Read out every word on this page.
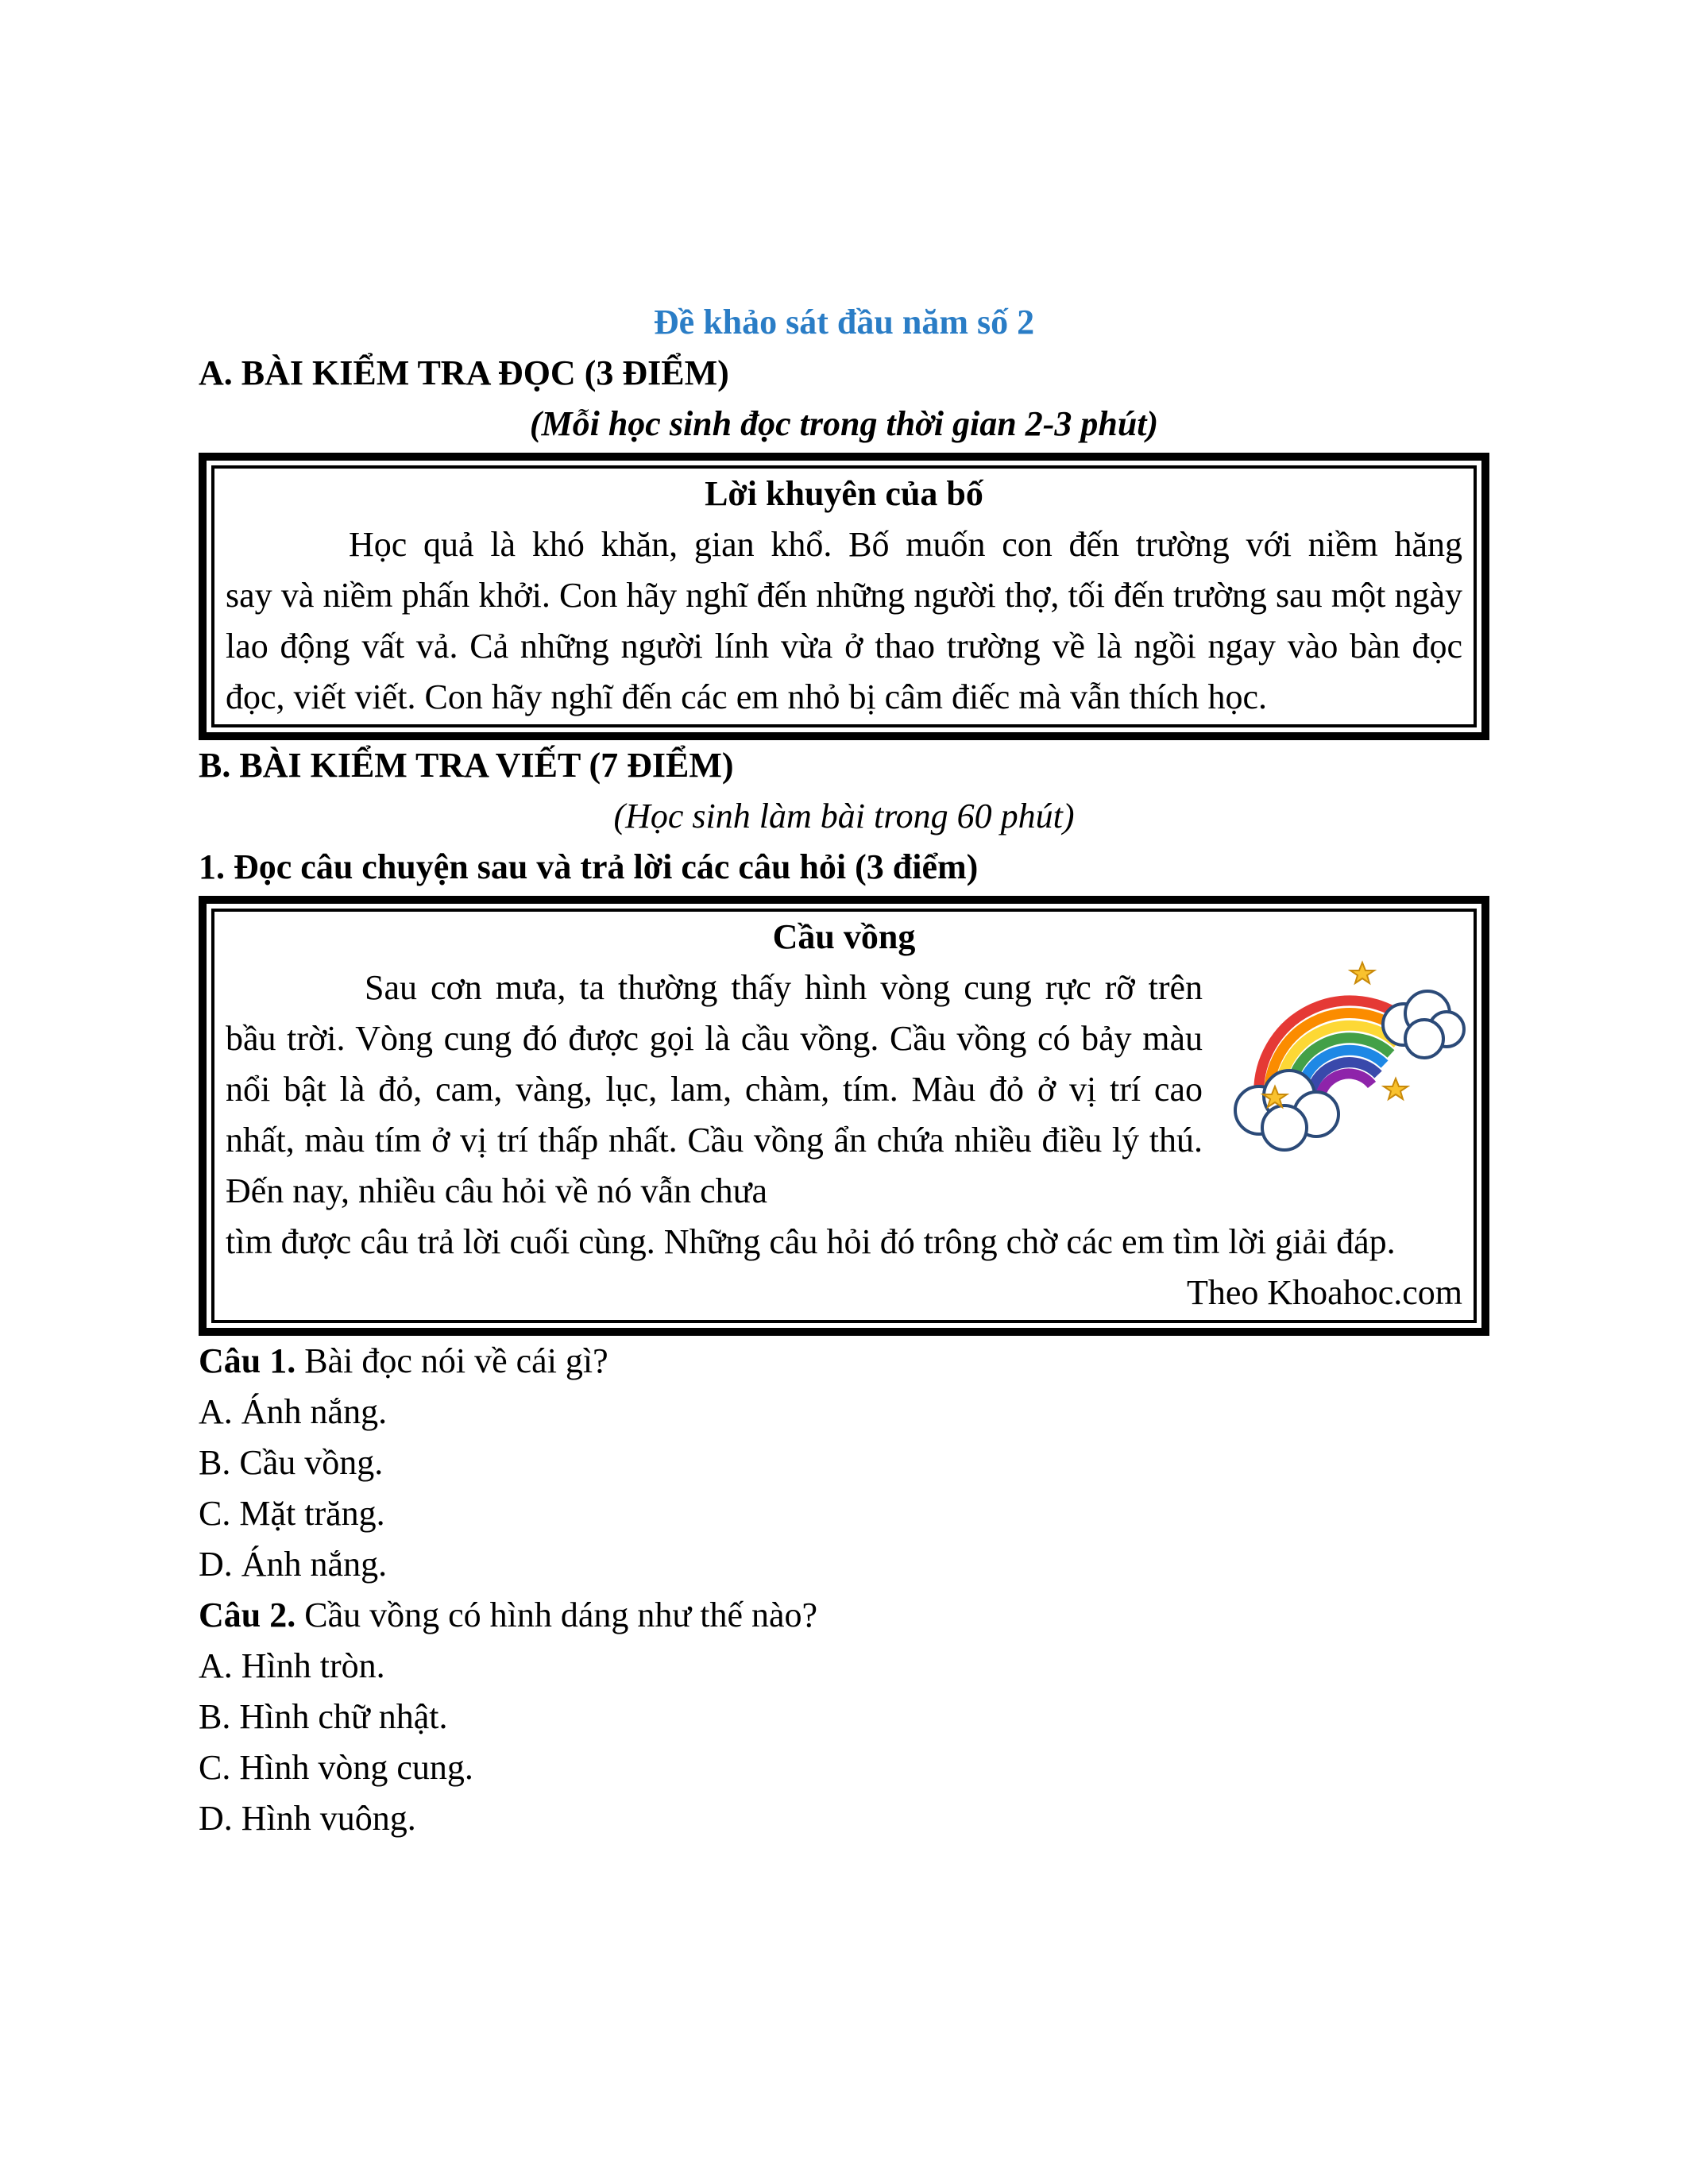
Đề khảo sát đầu năm số 2

A. BÀI KIỂM TRA ĐỌC (3 ĐIỂM)

(Mỗi học sinh đọc trong thời gian 2-3 phút)

Lời khuyên của bố

Học quả là khó khăn, gian khổ. Bố muốn con đến trường với niềm hăng

say và niềm phấn khởi. Con hãy nghĩ đến những người thợ, tối đến trường sau một ngày lao động vất vả. Cả những người lính vừa ở thao trường về là ngồi ngay vào bàn đọc đọc, viết viết. Con hãy nghĩ đến các em nhỏ bị câm điếc mà vẫn thích học.

B. BÀI KIỂM TRA VIẾT (7 ĐIỂM)

(Học sinh làm bài trong 60 phút)

1. Đọc câu chuyện sau và trả lời các câu hỏi (3 điểm)

Cầu vồng

Sau cơn mưa, ta thường thấy hình vòng cung rực rỡ trên bầu trời. Vòng cung đó được gọi là cầu vồng. Cầu vồng có bảy màu nổi bật là đỏ, cam, vàng, lục, lam, chàm, tím. Màu đỏ ở vị trí cao nhất, màu tím ở vị trí thấp nhất. Cầu vồng ẩn chứa nhiều điều lý thú. Đến nay, nhiều câu hỏi về nó vẫn chưa

tìm được câu trả lời cuối cùng. Những câu hỏi đó trông chờ các em tìm lời giải đáp.

Theo Khoahoc.com

Câu 1. Bài đọc nói về cái gì?

A. Ánh nắng.

B. Cầu vồng.

C. Mặt trăng.

D. Ánh nắng.

Câu 2. Cầu vồng có hình dáng như thế nào?

A. Hình tròn.

B. Hình chữ nhật.

C. Hình vòng cung.

D. Hình vuông.
